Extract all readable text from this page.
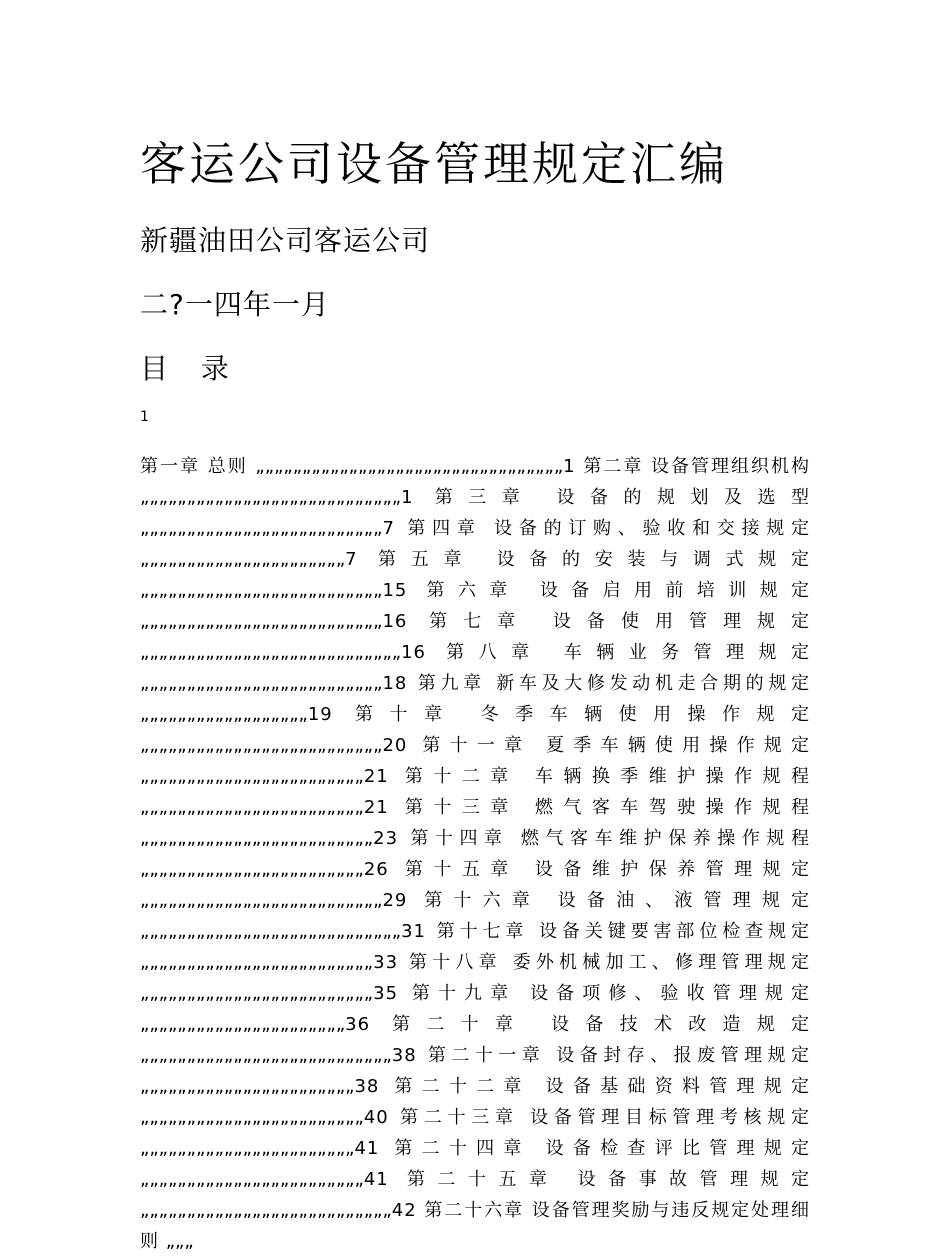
客运公司设备管理规定汇编
新疆油田公司客运公司
二?一四年一月
目 录
1
第一章 总则 „„„„„„„„„„„„„„„„„„„„„„„„„„„„„„„„„1 第二章 设备管理组织机构 „„„„„„„„„„„„„„„„„„„„„„„„„„„„1 第三章 设备的规划及选型 „„„„„„„„„„„„„„„„„„„„„„„„„„7 第四章 设备的订购、验收和交接规定 „„„„„„„„„„„„„„„„„„„„„„7 第五章 设备的安装与调式规定 „„„„„„„„„„„„„„„„„„„„„„„„„„15 第六章 设备启用前培训规定 „„„„„„„„„„„„„„„„„„„„„„„„„„16 第七章 设备使用管理规定 „„„„„„„„„„„„„„„„„„„„„„„„„„„„16 第八章 车辆业务管理规定 „„„„„„„„„„„„„„„„„„„„„„„„„„18 第九章 新车及大修发动机走合期的规定 „„„„„„„„„„„„„„„„„„19 第十章 冬季车辆使用操作规定 „„„„„„„„„„„„„„„„„„„„„„„„„„20 第十一章 夏季车辆使用操作规定 „„„„„„„„„„„„„„„„„„„„„„„„21 第十二章 车辆换季维护操作规程 „„„„„„„„„„„„„„„„„„„„„„„„21 第十三章 燃气客车驾驶操作规程 „„„„„„„„„„„„„„„„„„„„„„„„„23 第十四章 燃气客车维护保养操作规程 „„„„„„„„„„„„„„„„„„„„„„„„26 第十五章 设备维护保养管理规定 „„„„„„„„„„„„„„„„„„„„„„„„„„29 第十六章 设备油、液管理规定 „„„„„„„„„„„„„„„„„„„„„„„„„„„„31 第十七章 设备关键要害部位检查规定 „„„„„„„„„„„„„„„„„„„„„„„„„33 第十八章 委外机械加工、修理管理规定 „„„„„„„„„„„„„„„„„„„„„„„„„35 第十九章 设备项修、验收管理规定 „„„„„„„„„„„„„„„„„„„„„„36 第二十章 设备技术改造规定 „„„„„„„„„„„„„„„„„„„„„„„„„„„38 第二十一章 设备封存、报废管理规定 „„„„„„„„„„„„„„„„„„„„„„„38 第二十二章 设备基础资料管理规定 „„„„„„„„„„„„„„„„„„„„„„„„40 第二十三章 设备管理目标管理考核规定 „„„„„„„„„„„„„„„„„„„„„„„41 第二十四章 设备检查评比管理规定 „„„„„„„„„„„„„„„„„„„„„„„„41 第二十五章 设备事故管理规定 „„„„„„„„„„„„„„„„„„„„„„„„„„„42 第二十六章 设备管理奖励与违反规定处理细则 „„„
